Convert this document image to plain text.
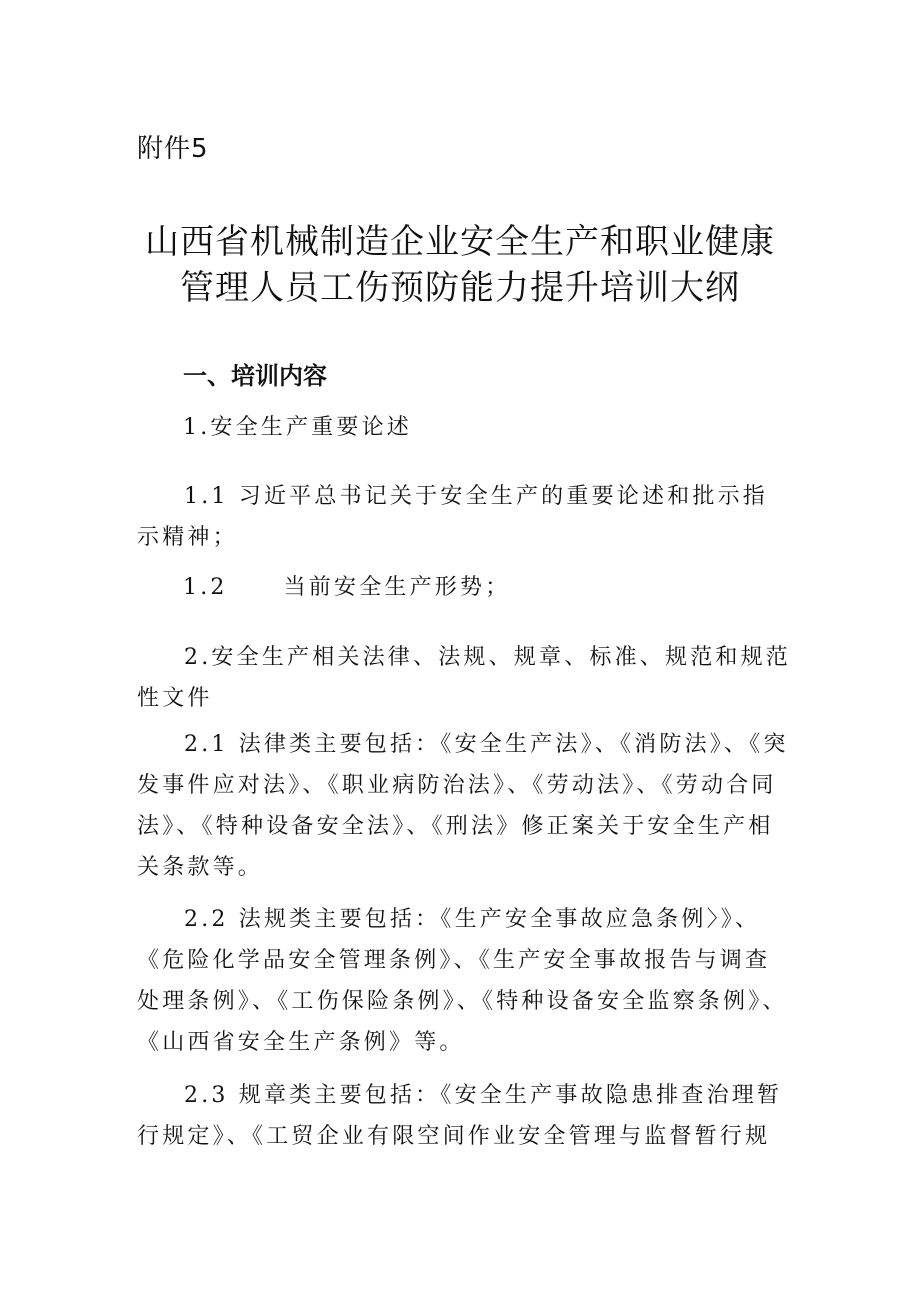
附件5
山西省机械制造企业安全生产和职业健康
管理人员工伤预防能力提升培训大纲
一、培训内容
1.安全生产重要论述

1.1 习近平总书记关于安全生产的重要论述和批示指示精神；

1.2	当前安全生产形势；

2.安全生产相关法律、法规、规章、标准、规范和规范性文件

2.1 法律类主要包括：《安全生产法》、《消防法》、《突发事件应对法》、《职业病防治法》、《劳动法》、《劳动合同法》、《特种设备安全法》、《刑法》修正案关于安全生产相关条款等。

2.2 法规类主要包括：《生产安全事故应急条例〉》、《危险化学品安全管理条例》、《生产安全事故报告与调查处理条例》、《工伤保险条例》、《特种设备安全监察条例》、《山西省安全生产条例》等。

2.3 规章类主要包括：《安全生产事故隐患排查治理暂行规定》、《工贸企业有限空间作业安全管理与监督暂行规
